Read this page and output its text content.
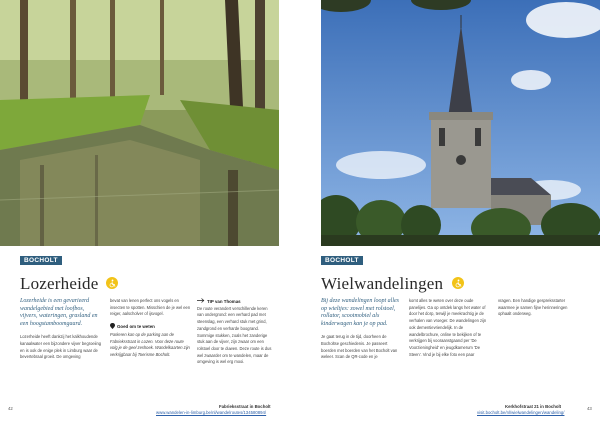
BOCHOLT
Lozerheide
Lozerheide is een gevarieerd wandelgebied met loofbos, vijvers, wateringen, grasland en een hoogstamboomgaard.
Lozerheide heeft dankzij het kalkhoudende kanaalwater een bijzondere vijver begroeiing en is ook de enige plek in Limburg waar de bevertebraal groeit. De omgeving
bevat van lenen perfect ons vogels en insecten te spotten. Misschien de je wel een reiger, aalscholver of ijsvogel.
Goed om te weten
Parkeren kan op de parking aan de Fabrieksstraat in Lozen. Voor deze route volg je de geel zeshoek. Wandelkaarten zijn verkrijgbaar bij Toerisme Bocholt.
TIP van Thomas
De route verandert verschillende keren van ondergrond: een verhard pad met steenslag, een verhard stuk met grind, zandgrond en verharde boogrand. Sommige stukken, zoals het zanderige stuk aan de vijver, zijn zwaar om een rolstoel door te duwen. Deze route is dus wel zwaarder om te wandelen, maar de omgeving is wel erg mooi.
Fabrieksstraat in Bocholt
www.wandelen-in-limburg.be/nl/wandelroutes/134580894/
42
BOCHOLT
Wielwandelingen
Bij deze wandelingen loopt alles op wieltjes: zowel met rolstoel, rollator, scootmobiel als kinderwagen kan je op pad.
Je gaat terug in de tijd, doorheen de Bocholtse geschiedenis. Je passeert boerden met boerden van het Bocholt van weleer. Scan de QR-code en je
komt alles te weten over deze oude panelijes. Ga op ontdek langs het water of door het dorp, terwijl je meekrachtig je de verhalen van vroeger. De wandelingen zijn ook dementievriendelijk. In de wandelbrochure, online te bekijken of te verkrijgen bij vooraanstgaand per 'De Voorzieningheid' en jeugdkamerum 'De Steen'. Vind je bij elke foto een paar
vragen. Een handige gespreksstarter waarmee je samen fijne herinneringen ophaalt onderweg.
Kerkhofstraat 21 in Bocholt
visit.bocholt.be/nl/wielwandelingen/wandeling/
43
